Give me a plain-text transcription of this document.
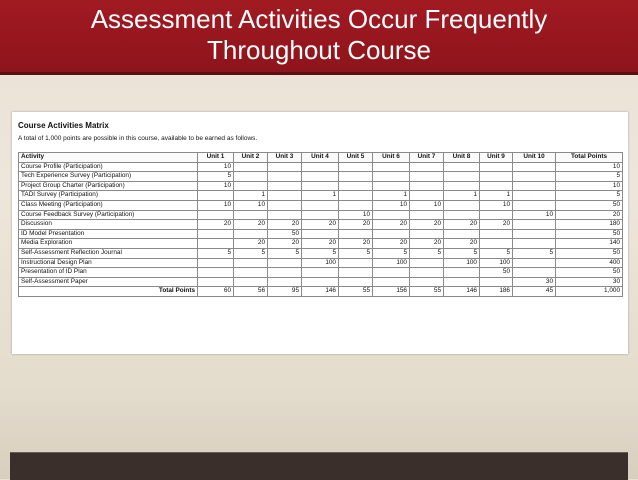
Assessment Activities Occur Frequently
Throughout Course
Course Activities Matrix
A total of 1,000 points are possible in this course, available to be earned as follows.
Activity	Unit 1	Unit 2	Unit 3	Unit 4	Unit 5	Unit 6	Unit 7	Unit 8	Unit 9	Unit 10	Total Points
Course Profile (Participation)	10										10
Tech Experience Survey (Participation)	5										5
Project Group Charter (Participation)	10										10
TADI Survey (Participation)		1		1		1		1	1		5
Class Meeting (Participation)	10	10				10	10		10		50
Course Feedback Survey (Participation)					10					10	20
Discussion	20	20	20	20	20	20	20	20	20		180
ID Model Presentation			50								50
Media Exploration		20	20	20	20	20	20	20			140
Self-Assessment Reflection Journal	5	5	5	5	5	5	5	5	5	5	50
Instructional Design Plan				100		100		100	100		400
Presentation of ID Plan									50		50
Self-Assessment Paper										30	30
Total Points	60	56	95	146	55	156	55	146	186	45	1,000
